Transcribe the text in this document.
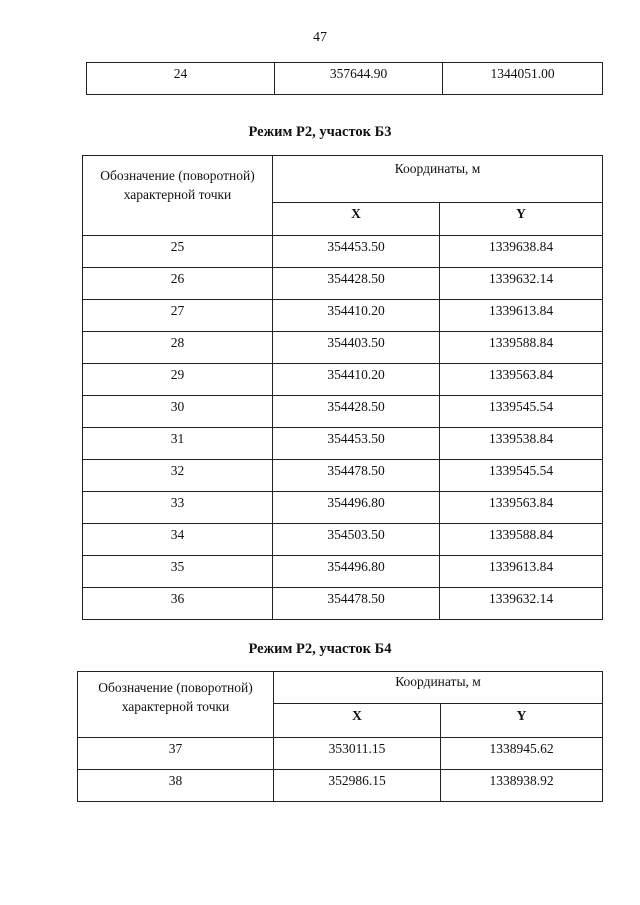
47
24	357644.90	1344051.00
Режим Р2, участок Б3
Обозначение (поворотной) характерной точки	Координаты, м	
	X	Y
25	354453.50	1339638.84
26	354428.50	1339632.14
27	354410.20	1339613.84
28	354403.50	1339588.84
29	354410.20	1339563.84
30	354428.50	1339545.54
31	354453.50	1339538.84
32	354478.50	1339545.54
33	354496.80	1339563.84
34	354503.50	1339588.84
35	354496.80	1339613.84
36	354478.50	1339632.14
Режим Р2, участок Б4
Обозначение (поворотной) характерной точки	Координаты, м	
	X	Y
37	353011.15	1338945.62
38	352986.15	1338938.92
